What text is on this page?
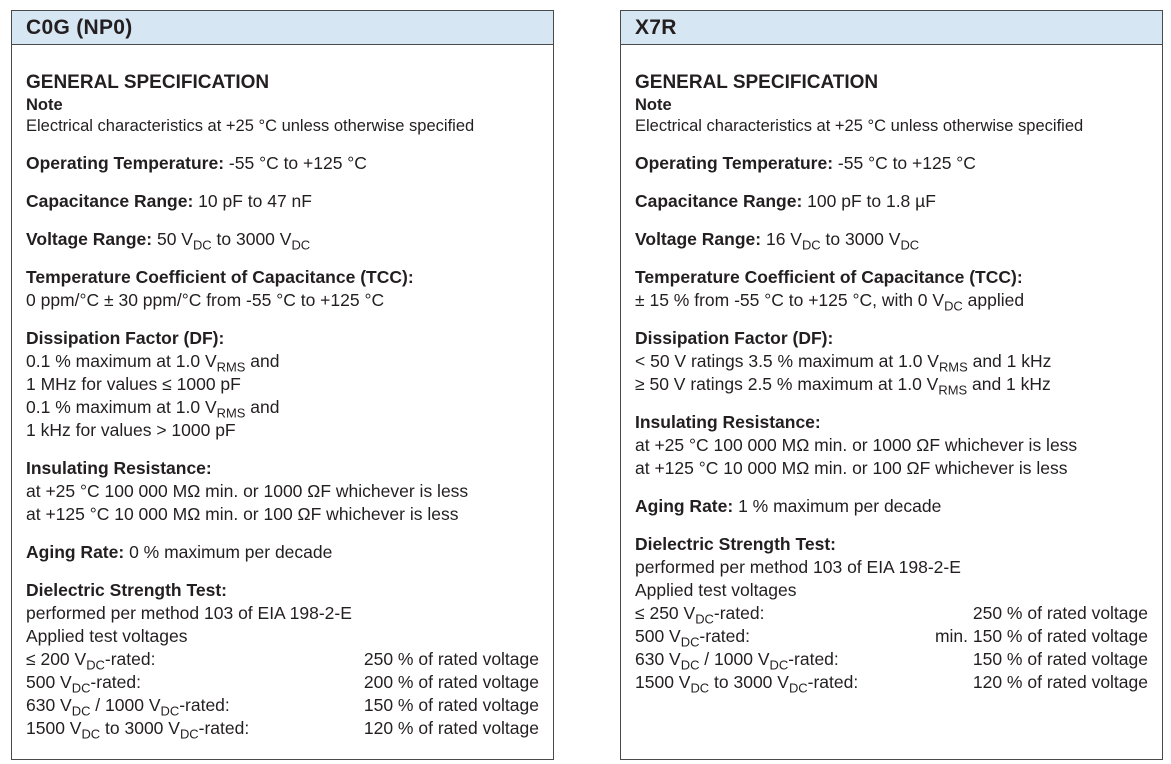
C0G (NP0)
GENERAL SPECIFICATION
Note
Electrical characteristics at +25 °C unless otherwise specified
Operating Temperature: -55 °C to +125 °C
Capacitance Range: 10 pF to 47 nF
Voltage Range: 50 $V_{DC}$ to 3000 $V_{DC}$
Temperature Coefficient of Capacitance (TCC):
0 ppm/°C ± 30 ppm/°C from -55 °C to +125 °C
Dissipation Factor (DF):
0.1 % maximum at 1.0 $V_{RMS}$ and
1 MHz for values ≤ 1000 pF
0.1 % maximum at 1.0 $V_{RMS}$ and
1 kHz for values > 1000 pF
Insulating Resistance:
at +25 °C 100 000 MΩ min. or 1000 ΩF whichever is less
at +125 °C 10 000 MΩ min. or 100 ΩF whichever is less
Aging Rate: 0 % maximum per decade
Dielectric Strength Test:
performed per method 103 of EIA 198-2-E
Applied test voltages
≤ 200 $V_{DC}$-rated:	250 % of rated voltage
500 $V_{DC}$-rated:	200 % of rated voltage
630 $V_{DC} / 1000$ $V_{DC}$-rated:	150 % of rated voltage
1500 $V_{DC}$ to 3000 $V_{DC}$-rated:	120 % of rated voltage
X7R
GENERAL SPECIFICATION
Note
Electrical characteristics at +25 °C unless otherwise specified
Operating Temperature: -55 °C to +125 °C
Capacitance Range: 100 pF to 1.8 µF
Voltage Range: 16 $V_{DC}$ to 3000 $V_{DC}$
Temperature Coefficient of Capacitance (TCC):
± 15 % from -55 °C to +125 °C, with 0 $V_{DC}$ applied
Dissipation Factor (DF):
< 50 V ratings 3.5 % maximum at 1.0 $V_{RMS}$ and 1 kHz
≥ 50 V ratings 2.5 % maximum at 1.0 $V_{RMS}$ and 1 kHz
Insulating Resistance:
at +25 °C 100 000 MΩ min. or 1000 ΩF whichever is less
at +125 °C 10 000 MΩ min. or 100 ΩF whichever is less
Aging Rate: 1 % maximum per decade
Dielectric Strength Test:
performed per method 103 of EIA 198-2-E
Applied test voltages
≤ 250 $V_{DC}$-rated:	250 % of rated voltage
500 $V_{DC}$-rated:	min. 150 % of rated voltage
630 $V_{DC} / 1000$ $V_{DC}$-rated:	150 % of rated voltage
1500 $V_{DC}$ to 3000 $V_{DC}$-rated:	120 % of rated voltage
